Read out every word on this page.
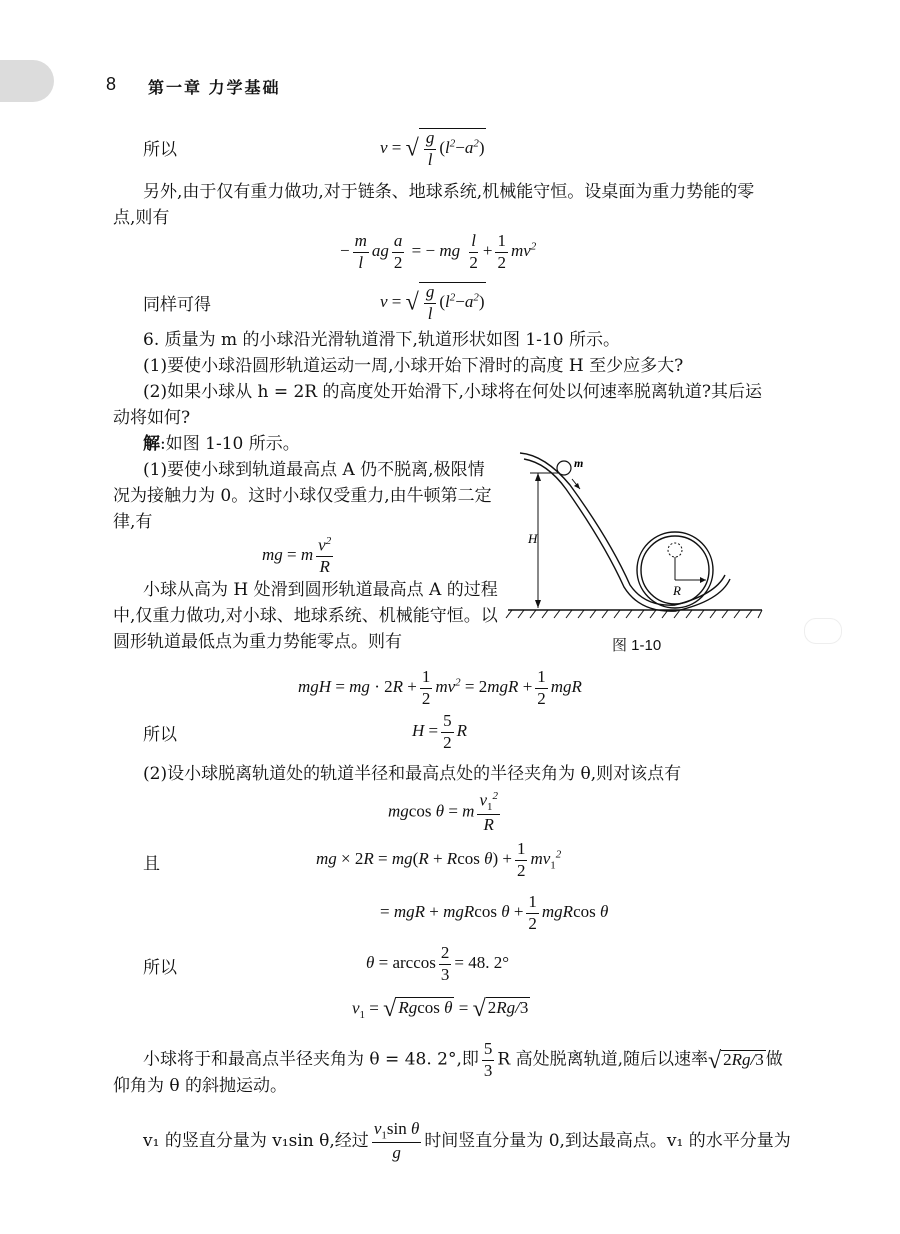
8 第一章 力学基础
所以	v = √ $\frac{g}{l} (l^2-a^2)$
另外,由于仅有重力做功,对于链条、地球系统,机械能守恒。设桌面为重力势能的零
点,则有
− $\frac{m}{l}$ ag $\frac{a}{2}$ = − mg $\frac{l}{2} + \frac{1}{2} mv^2$
同样可得	v = √ $\frac{g}{l} (l^2-a^2)$
6. 质量为 m 的小球沿光滑轨道滑下,轨道形状如图 1-10 所示。
(1)要使小球沿圆形轨道运动一周,小球开始下滑时的高度 H 至少应多大?
(2)如果小球从 h = 2R 的高度处开始滑下,小球将在何处以何速率脱离轨道?其后运
动将如何?
解:如图 1-10 所示。
(1)要使小球到轨道最高点 A 仍不脱离,极限情
况为接触力为 0。这时小球仅受重力,由牛顿第二定
律,有
mg = m $\frac{v^2}{R}$
小球从高为 H 处滑到圆形轨道最高点 A 的过程
中,仅重力做功,对小球、地球系统、机械能守恒。以
圆形轨道最低点为重力势能零点。则有
R
m
H
图 1-10
mgH = mg · $2R + \frac{1}{2} mv^2 = 2mgR + \frac{1}{2}$ mgR
所以	$H = \frac{5}{2}$ R
(2)设小球脱离轨道处的轨道半径和最高点处的半径夹角为 θ,则对该点有
mgcos θ = m $\frac{v_1^2}{R}$
且	mg × 2R = mg(R + Rcos $\theta) + \frac{1}{2} mv_1^2$
= mgR + mgRcos $\theta + \frac{1}{2}$ mgRcos θ
所以	$\theta = \arccos \frac{2}{3} = 48$. 2°
$v_1$ = √ Rgcos θ = √ 2Rg/3
小球将于和最高点半径夹角为 θ = 48. 2°,即 $\frac{5}{3}$ R 高处脱离轨道,随后以速率√ 2Rg/3 做
仰角为 θ 的斜抛运动。
v₁ 的竖直分量为 v₁sin θ,经过 $\frac{v_1\sin \theta}{g}$ 时间竖直分量为 0,到达最高点。v₁ 的水平分量为
